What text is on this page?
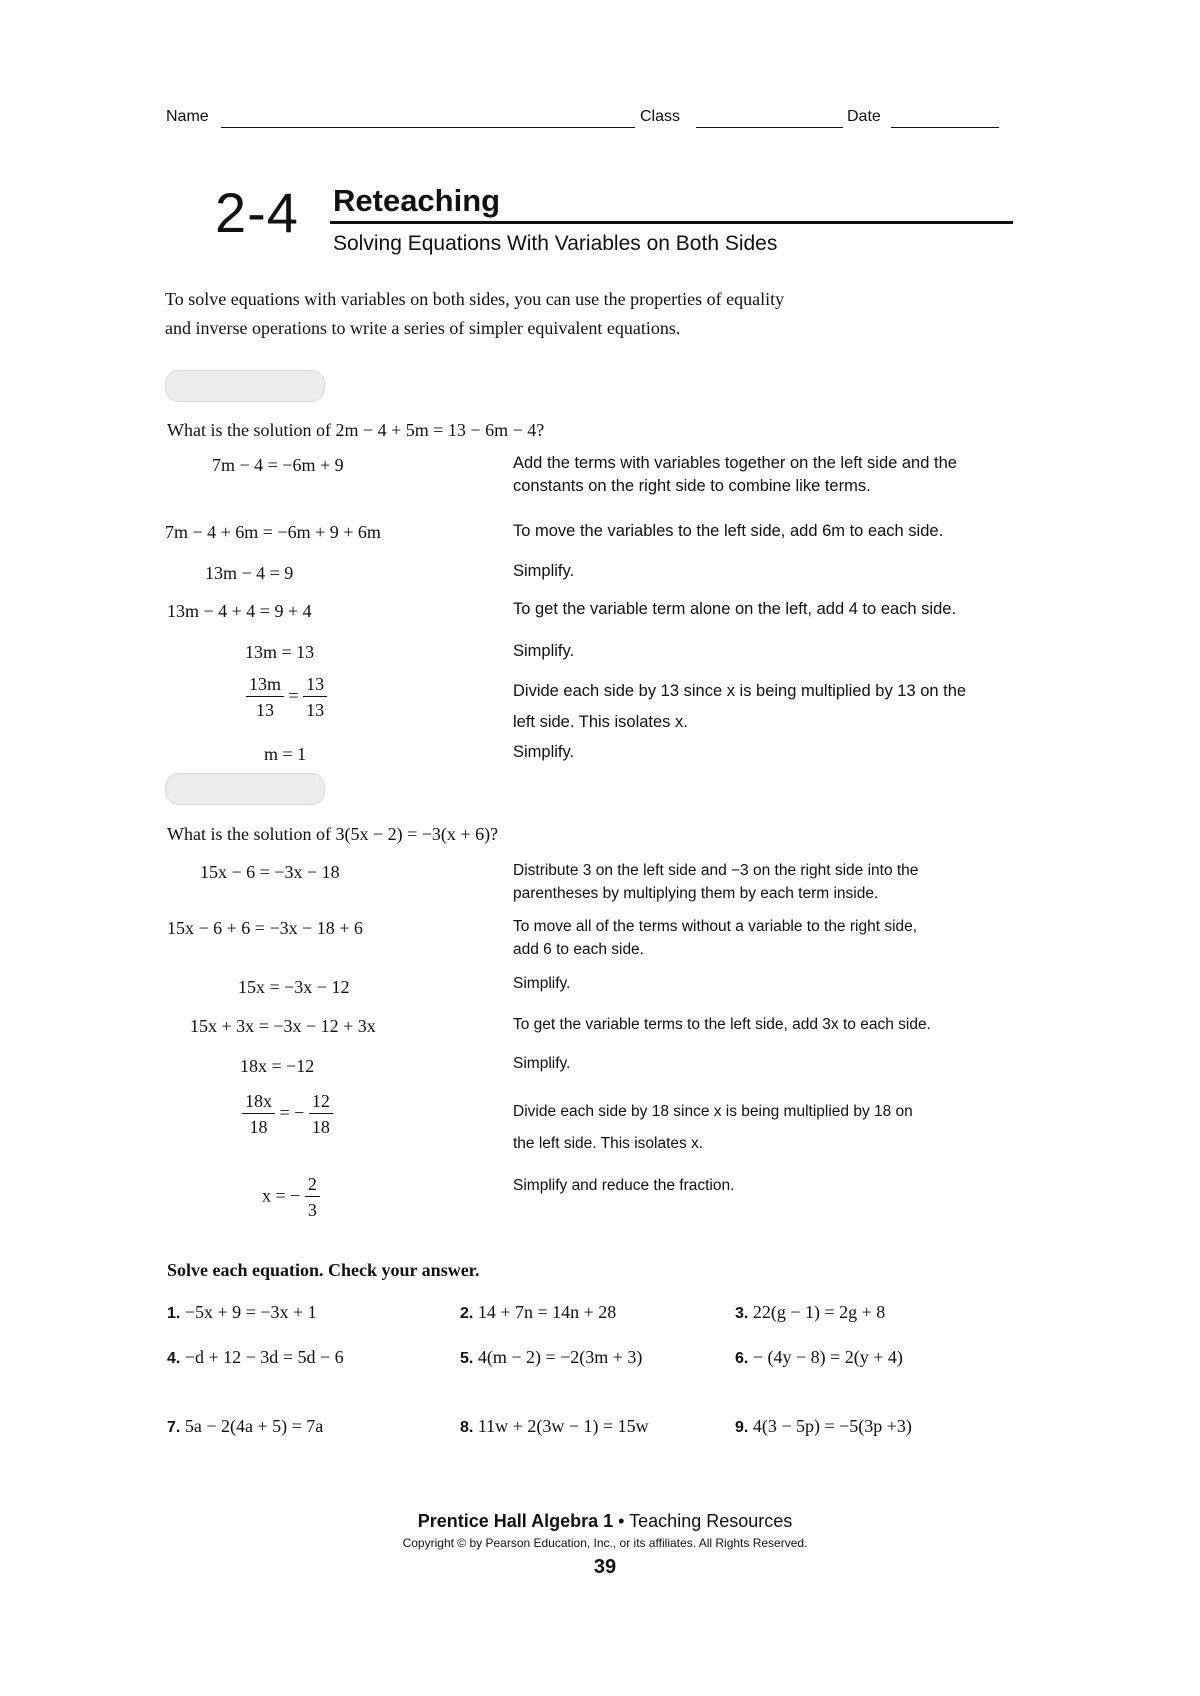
Name	Class	Date
2-4 Reteaching
Solving Equations With Variables on Both Sides
To solve equations with variables on both sides, you can use the properties of equality
and inverse operations to write a series of simpler equivalent equations.
What is the solution of 2m − 4 + 5m = 13 − 6m − 4?
7m − 4 = −6m + 9	Add the terms with variables together on the left side and the
constants on the right side to combine like terms.
7m − 4 + 6m = −6m + 9 + 6m	To move the variables to the left side, add 6m to each side.
13m − 4 = 9	Simplify.
13m − 4 + 4 = 9 + 4	To get the variable term alone on the left, add 4 to each side.
13m = 13	Simplify.
$\frac{13m}{13} = \frac{13}{13}$	Divide each side by 13 since x is being multiplied by 13 on the
left side. This isolates x.
m = 1	Simplify.
What is the solution of 3(5x − 2) = −3(x + 6)?
15x − 6 = −3x − 18	Distribute 3 on the left side and −3 on the right side into the
parentheses by multiplying them by each term inside.
15x − 6 + 6 = −3x − 18 + 6	To move all of the terms without a variable to the right side,
add 6 to each side.
15x = −3x − 12	Simplify.
15x + 3x = −3x − 12 + 3x	To get the variable terms to the left side, add 3x to each side.
18x = −12	Simplify.
$\frac{18x}{18}$ = − $\frac{12}{18}$	Divide each side by 18 since x is being multiplied by 18 on
the left side. This isolates x.
x = − $\frac{2}{3}$	Simplify and reduce the fraction.
Solve each equation. Check your answer.
1. −5x + 9 = −3x + 1	2. 14 + 7n = 14n + 28	3. 22(g − 1) = 2g + 8
4. −d + 12 − 3d = 5d − 6	5. 4(m − 2) = −2(3m + 3)	6. − (4y − 8) = 2(y + 4)
7. 5a − 2(4a + 5) = 7a	8. 11w + 2(3w − 1) = 15w	9. 4(3 − 5p) = −5(3p +3)
Prentice Hall Algebra 1 • Teaching Resources
Copyright © by Pearson Education, Inc., or its affiliates. All Rights Reserved.
39
